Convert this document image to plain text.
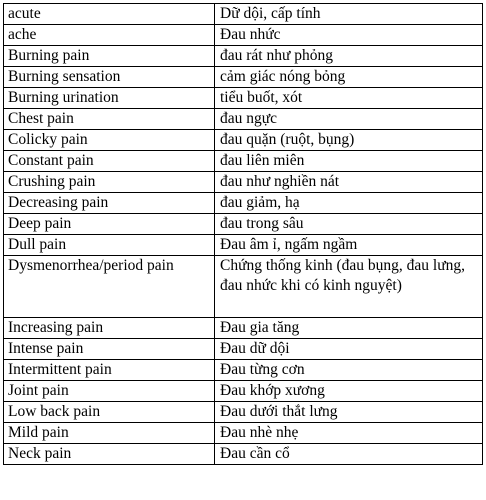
acute	Dữ dội, cấp tính
ache	Đau nhức
Burning pain	đau rát như phỏng
Burning sensation	cảm giác nóng bỏng
Burning urination	tiểu buốt, xót
Chest pain	đau ngực
Colicky pain	đau quặn (ruột, bụng)
Constant pain	đau liên miên
Crushing pain	đau như nghiền nát
Decreasing pain	đau giảm, hạ
Deep pain	đau trong sâu
Dull pain	Đau âm ỉ, ngấm ngầm
Dysmenorrhea/period pain	Chứng thống kinh (đau bụng, đau lưng, đau nhức khi có kinh nguyệt)
Increasing pain	Đau gia tăng
Intense pain	Đau dữ dội
Intermittent pain	Đau từng cơn
Joint pain	Đau khớp xương
Low back pain	Đau dưới thắt lưng
Mild pain	Đau nhè nhẹ
Neck pain	Đau cần cổ
